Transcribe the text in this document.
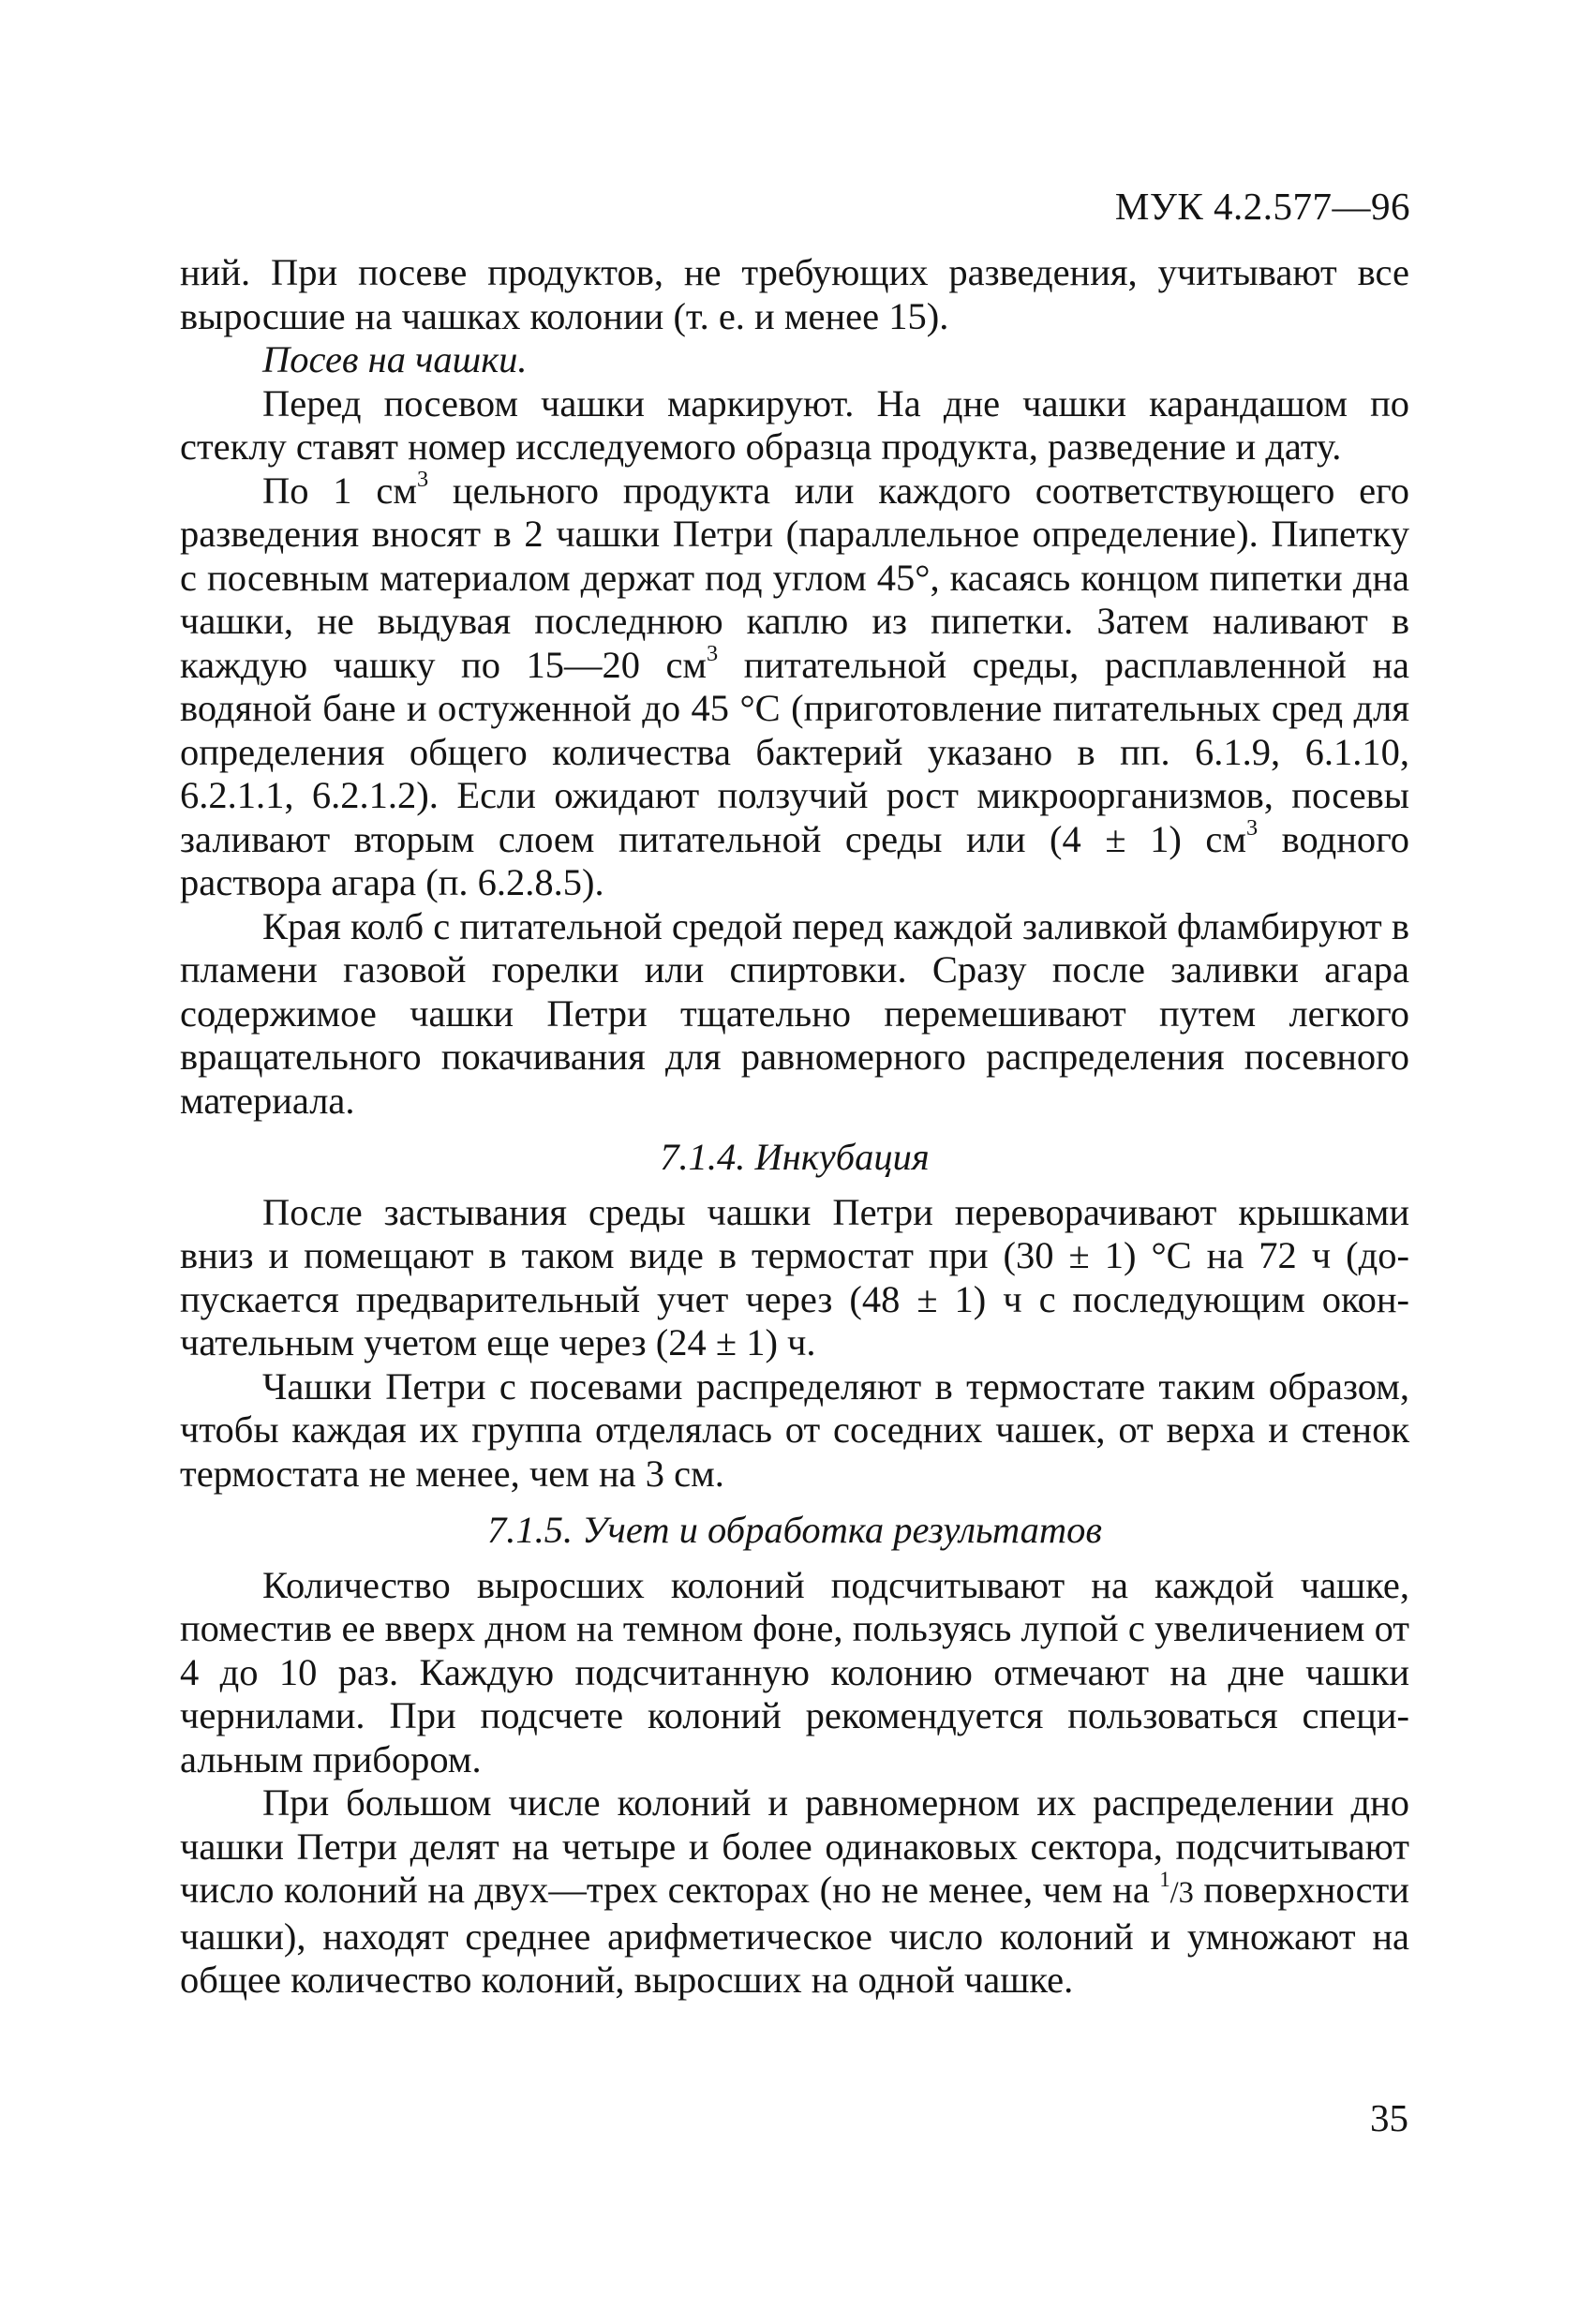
МУК 4.2.577—96

ний. При посеве продуктов, не требующих разведения, учитывают все выросшие на чашках колонии (т. е. и менее 15).

Посев на чашки.

Перед посевом чашки маркируют. На дне чашки карандашом по стеклу ставят номер исследуемого образца продукта, разведение и дату.

По 1 $см^3$ цельного продукта или каждого соответствующего его разведения вносят в 2 чашки Петри (параллельное определение). Пипетку с посевным материалом держат под углом 45°, касаясь концом пипетки дна чашки, не выдувая последнюю каплю из пипетки. Затем наливают в каждую чашку по 15—20 $см^3$ питательной среды, расплавленной на водяной бане и остуженной до 45 °С (приготовление питательных сред для определения общего количества бактерий указано в пп. 6.1.9, 6.1.10, 6.2.1.1, 6.2.1.2). Если ожидают ползучий рост микроорганизмов, посевы заливают вторым слоем питательной среды или (4 ± 1) $см^3$ водного раствора агара (п. 6.2.8.5).

Края колб с питательной средой перед каждой заливкой фламбируют в пламени газовой горелки или спиртовки. Сразу после заливки агара содержимое чашки Петри тщательно перемешивают путем легкого вращательного покачивания для равномерного распределения посевного материала.

7.1.4. Инкубация

После застывания среды чашки Петри переворачивают крышками вниз и помещают в таком виде в термостат при (30 ± 1) °С на 72 ч (допускается предварительный учет через (48 ± 1) ч с последующим окончательным учетом еще через (24 ± 1) ч.

Чашки Петри с посевами распределяют в термостате таким образом, чтобы каждая их группа отделялась от соседних чашек, от верха и стенок термостата не менее, чем на 3 см.

7.1.5. Учет и обработка результатов

Количество выросших колоний подсчитывают на каждой чашке, поместив ее вверх дном на темном фоне, пользуясь лупой с увеличением от 4 до 10 раз. Каждую подсчитанную колонию отмечают на дне чашки чернилами. При подсчете колоний рекомендуется пользоваться специальным прибором.

При большом числе колоний и равномерном их распределении дно чашки Петри делят на четыре и более одинаковых сектора, подсчитывают число колоний на двух—трех секторах (но не менее, чем на $^1$/3 поверхности чашки), находят среднее арифметическое число колоний и умножают на общее количество колоний, выросших на одной чашке.

35
